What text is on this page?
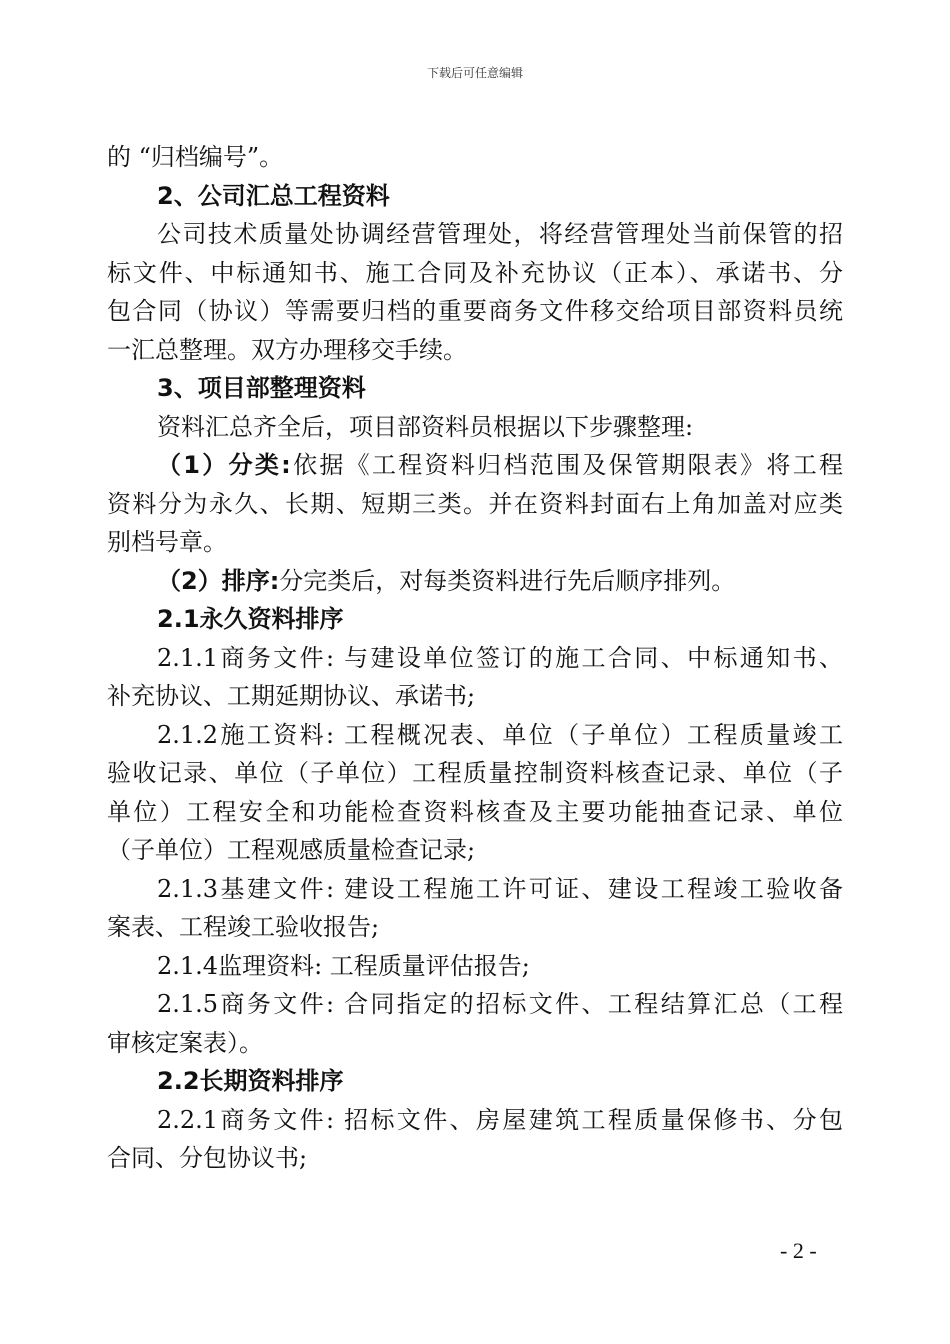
下载后可任意编辑
的 “归档编号”。
2、公司汇总工程资料
公司技术质量处协调经营管理处，将经营管理处当前保管的招
标文件、中标通知书、施工合同及补充协议（正本）、承诺书、分
包合同（协议）等需要归档的重要商务文件移交给项目部资料员统
一汇总整理。双方办理移交手续。
3、项目部整理资料
资料汇总齐全后，项目部资料员根据以下步骤整理:
（1）分类:依据《工程资料归档范围及保管期限表》将工程
资料分为永久、长期、短期三类。并在资料封面右上角加盖对应类
别档号章。
（2）排序:分完类后，对每类资料进行先后顺序排列。
2.1永久资料排序
2.1.1商务文件: 与建设单位签订的施工合同、中标通知书、
补充协议、工期延期协议、承诺书;
2.1.2施工资料: 工程概况表、单位（子单位）工程质量竣工
验收记录、单位（子单位）工程质量控制资料核查记录、单位（子
单位）工程安全和功能检查资料核查及主要功能抽查记录、单位
（子单位）工程观感质量检查记录;
2.1.3基建文件: 建设工程施工许可证、建设工程竣工验收备
案表、工程竣工验收报告;
2.1.4监理资料: 工程质量评估报告;
2.1.5商务文件: 合同指定的招标文件、工程结算汇总（工程
审核定案表）。
2.2长期资料排序
2.2.1商务文件: 招标文件、房屋建筑工程质量保修书、分包
合同、分包协议书;
- 2 -
